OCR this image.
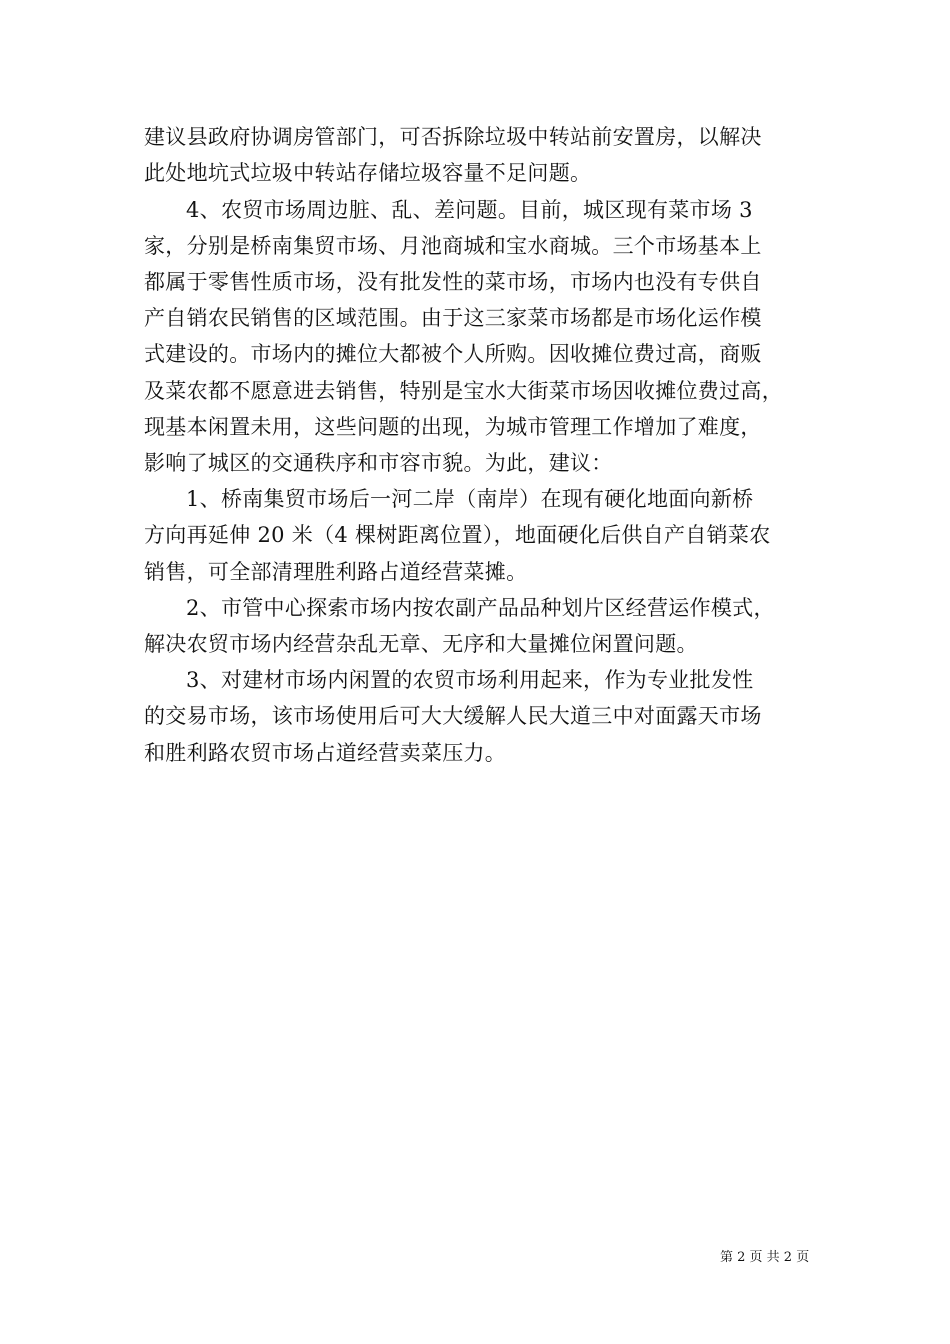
建议县政府协调房管部门，可否拆除垃圾中转站前安置房，以解决
此处地坑式垃圾中转站存储垃圾容量不足问题。
4、农贸市场周边脏、乱、差问题。目前，城区现有菜市场 3
家，分别是桥南集贸市场、月池商城和宝水商城。三个市场基本上
都属于零售性质市场，没有批发性的菜市场，市场内也没有专供自
产自销农民销售的区域范围。由于这三家菜市场都是市场化运作模
式建设的。市场内的摊位大都被个人所购。因收摊位费过高，商贩
及菜农都不愿意进去销售，特别是宝水大街菜市场因收摊位费过高，
现基本闲置未用，这些问题的出现，为城市管理工作增加了难度，
影响了城区的交通秩序和市容市貌。为此，建议：
1、桥南集贸市场后一河二岸（南岸）在现有硬化地面向新桥
方向再延伸 20 米（4 棵树距离位置），地面硬化后供自产自销菜农
销售，可全部清理胜利路占道经营菜摊。
2、市管中心探索市场内按农副产品品种划片区经营运作模式，
解决农贸市场内经营杂乱无章、无序和大量摊位闲置问题。
3、对建材市场内闲置的农贸市场利用起来，作为专业批发性
的交易市场，该市场使用后可大大缓解人民大道三中对面露天市场
和胜利路农贸市场占道经营卖菜压力。
第 2 页 共 2 页
